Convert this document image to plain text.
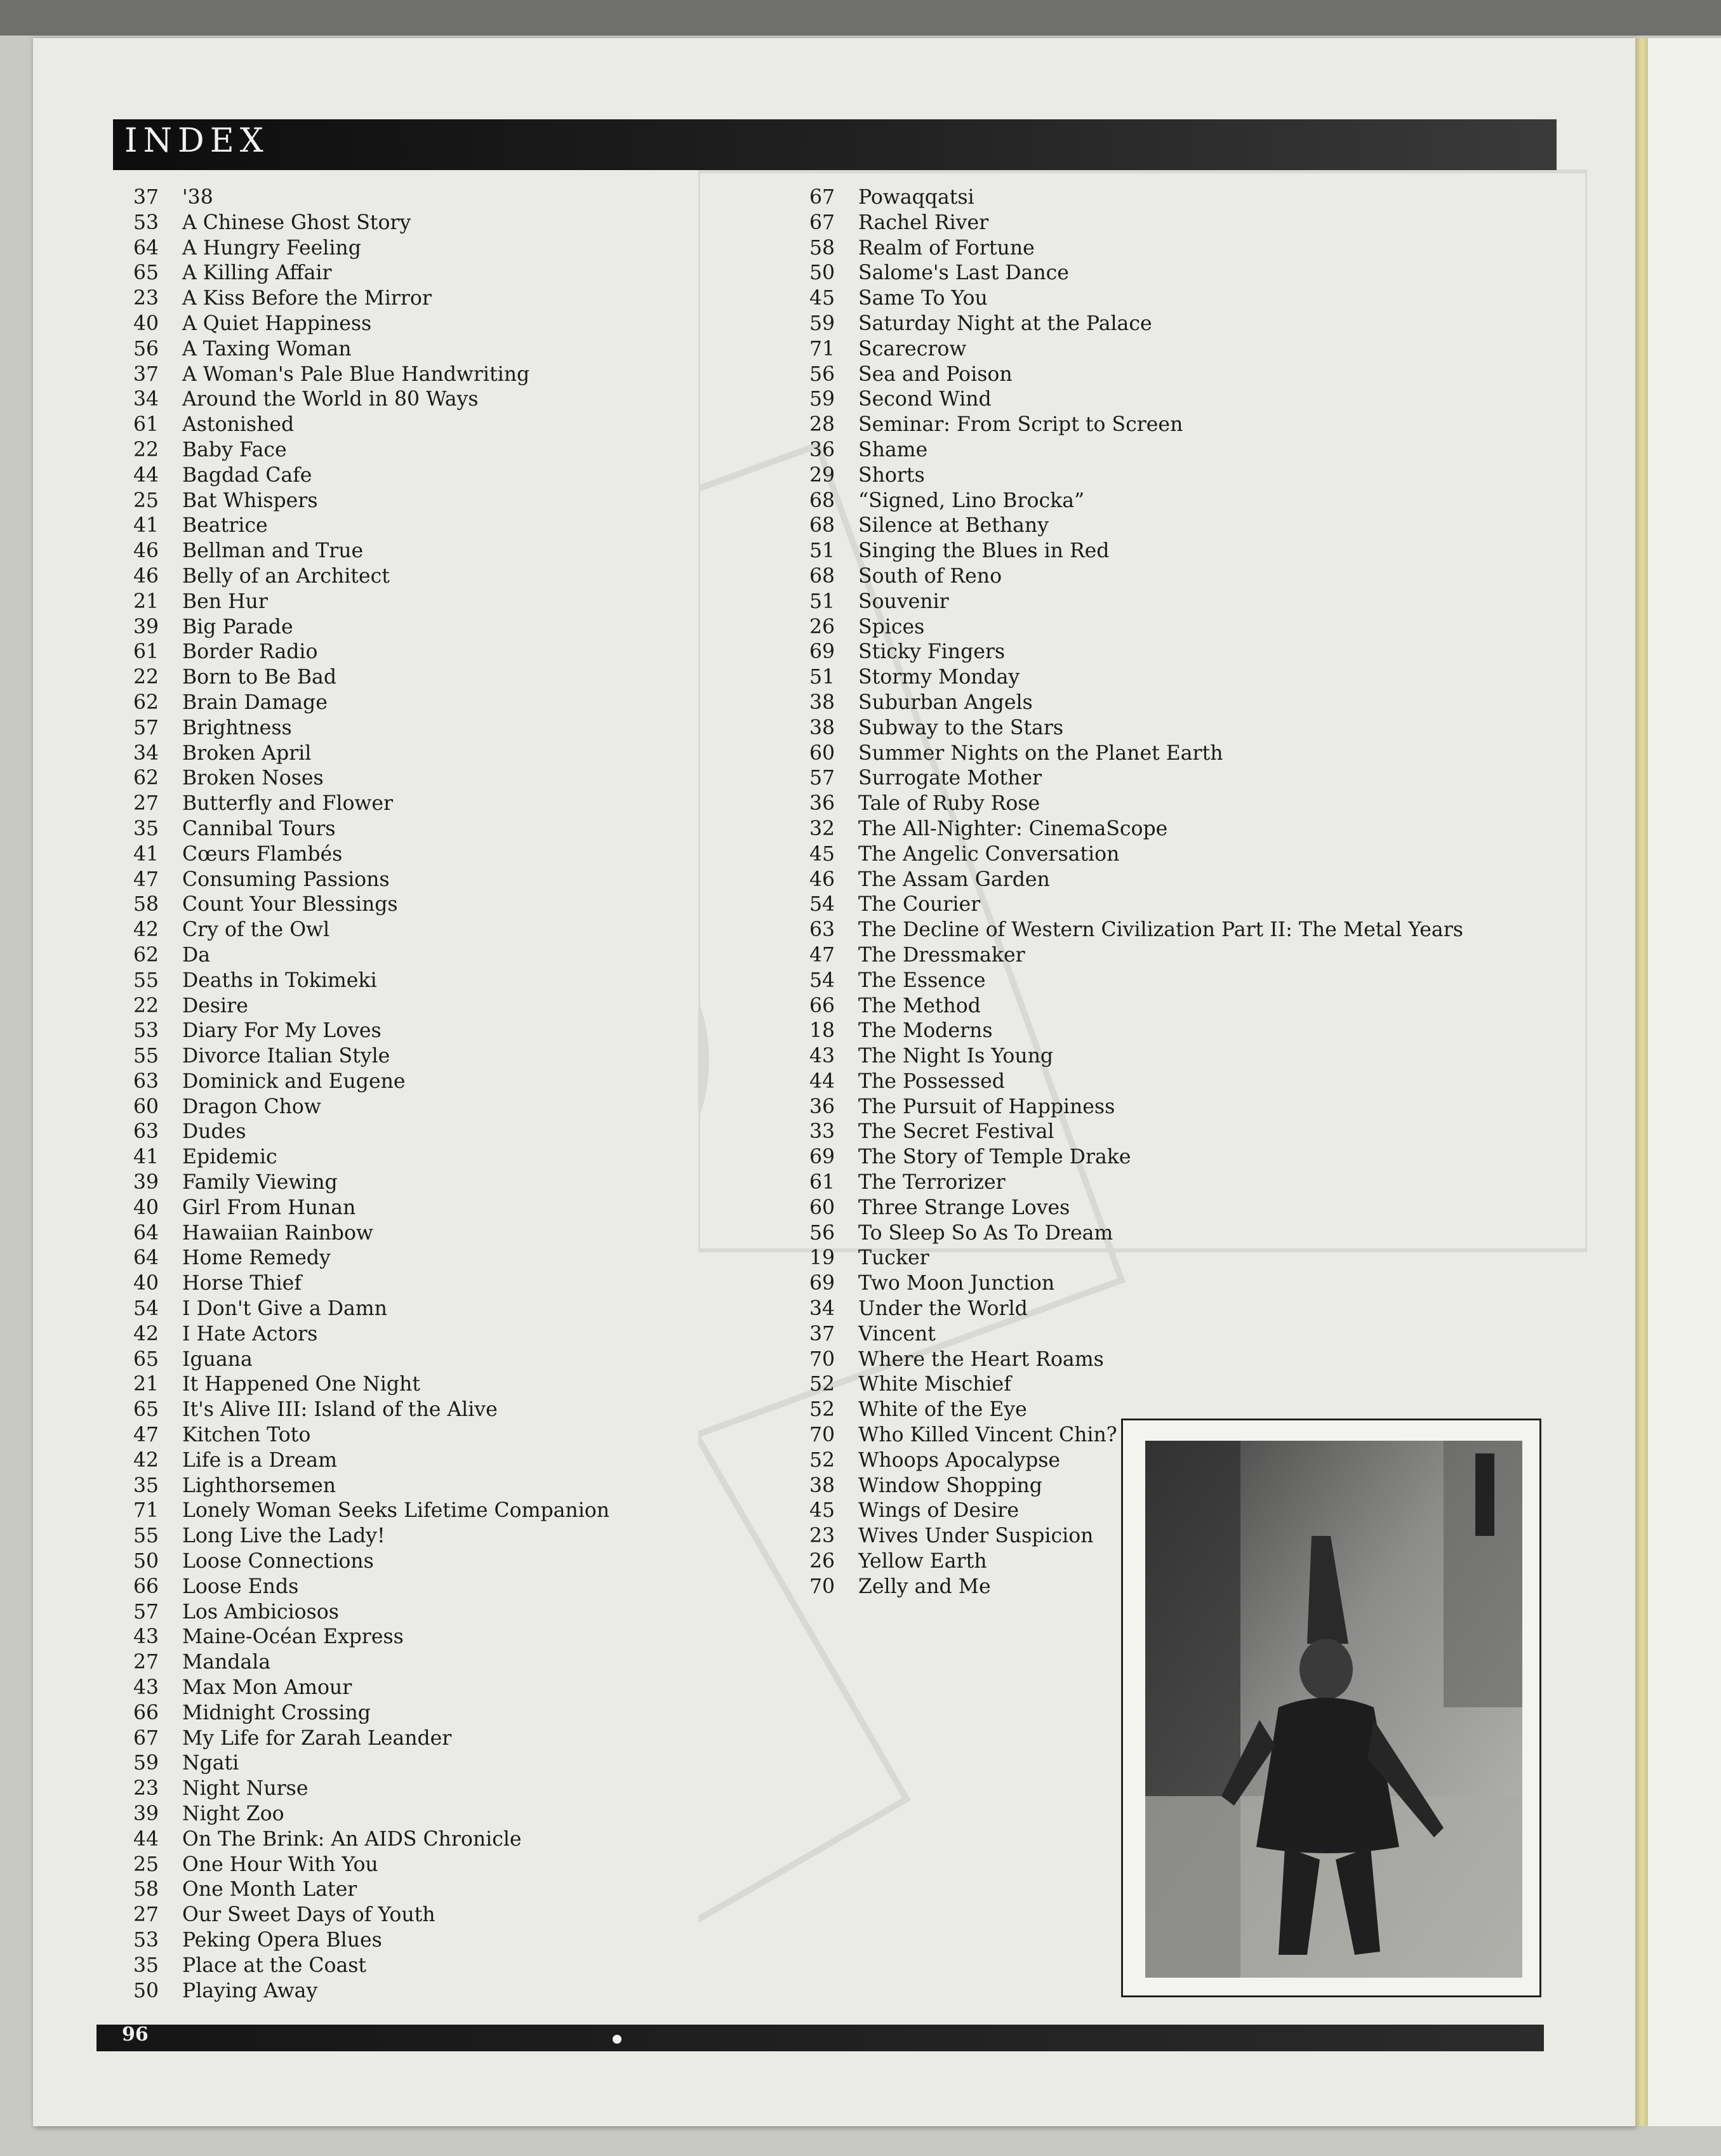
INDEX
37 '38
53 A Chinese Ghost Story
64 A Hungry Feeling
65 A Killing Affair
23 A Kiss Before the Mirror
40 A Quiet Happiness
56 A Taxing Woman
37 A Woman's Pale Blue Handwriting
34 Around the World in 80 Ways
61 Astonished
22 Baby Face
44 Bagdad Cafe
25 Bat Whispers
41 Beatrice
46 Bellman and True
46 Belly of an Architect
21 Ben Hur
39 Big Parade
61 Border Radio
22 Born to Be Bad
62 Brain Damage
57 Brightness
34 Broken April
62 Broken Noses
27 Butterfly and Flower
35 Cannibal Tours
41 Cœurs Flambés
47 Consuming Passions
58 Count Your Blessings
42 Cry of the Owl
62 Da
55 Deaths in Tokimeki
22 Desire
53 Diary For My Loves
55 Divorce Italian Style
63 Dominick and Eugene
60 Dragon Chow
63 Dudes
41 Epidemic
39 Family Viewing
40 Girl From Hunan
64 Hawaiian Rainbow
64 Home Remedy
40 Horse Thief
54 I Don't Give a Damn
42 I Hate Actors
65 Iguana
21 It Happened One Night
65 It's Alive III: Island of the Alive
47 Kitchen Toto
42 Life is a Dream
35 Lighthorsemen
71 Lonely Woman Seeks Lifetime Companion
55 Long Live the Lady!
50 Loose Connections
66 Loose Ends
57 Los Ambiciosos
43 Maine-Océan Express
27 Mandala
43 Max Mon Amour
66 Midnight Crossing
67 My Life for Zarah Leander
59 Ngati
23 Night Nurse
39 Night Zoo
44 On The Brink: An AIDS Chronicle
25 One Hour With You
58 One Month Later
27 Our Sweet Days of Youth
53 Peking Opera Blues
35 Place at the Coast
50 Playing Away
67 Powaqqatsi
67 Rachel River
58 Realm of Fortune
50 Salome's Last Dance
45 Same To You
59 Saturday Night at the Palace
71 Scarecrow
56 Sea and Poison
59 Second Wind
28 Seminar: From Script to Screen
36 Shame
29 Shorts
68 “Signed, Lino Brocka”
68 Silence at Bethany
51 Singing the Blues in Red
68 South of Reno
51 Souvenir
26 Spices
69 Sticky Fingers
51 Stormy Monday
38 Suburban Angels
38 Subway to the Stars
60 Summer Nights on the Planet Earth
57 Surrogate Mother
36 Tale of Ruby Rose
32 The All-Nighter: CinemaScope
45 The Angelic Conversation
46 The Assam Garden
54 The Courier
63 The Decline of Western Civilization Part II: The Metal Years
47 The Dressmaker
54 The Essence
66 The Method
18 The Moderns
43 The Night Is Young
44 The Possessed
36 The Pursuit of Happiness
33 The Secret Festival
69 The Story of Temple Drake
61 The Terrorizer
60 Three Strange Loves
56 To Sleep So As To Dream
19 Tucker
69 Two Moon Junction
34 Under the World
37 Vincent
70 Where the Heart Roams
52 White Mischief
52 White of the Eye
70 Who Killed Vincent Chin?
52 Whoops Apocalypse
38 Window Shopping
45 Wings of Desire
23 Wives Under Suspicion
26 Yellow Earth
70 Zelly and Me
96
